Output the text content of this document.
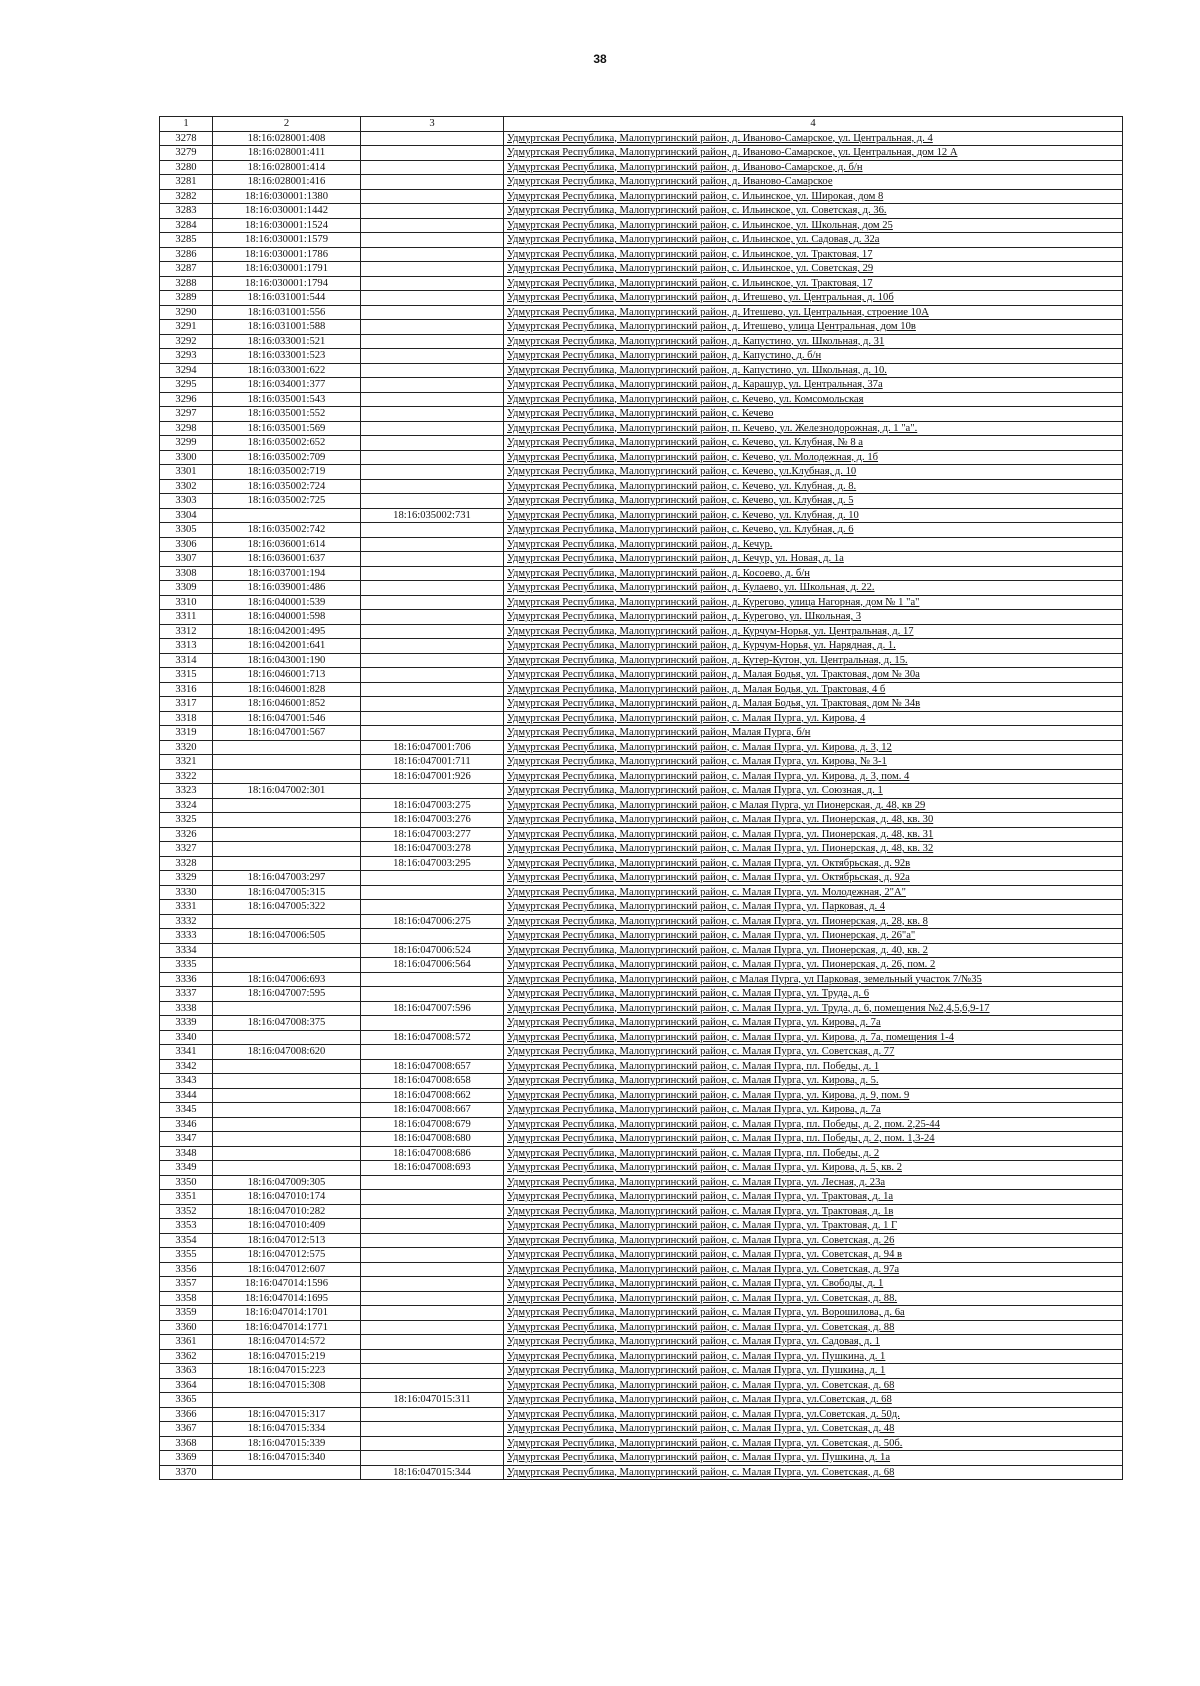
38
1	2	3	4
3278	18:16:028001:408		Удмуртская Республика, Малопургинский район, д. Иваново-Самарское, ул. Центральная, д. 4
3279	18:16:028001:411		Удмуртская Республика, Малопургинский район, д. Иваново-Самарское, ул. Центральная, дом 12 А
3280	18:16:028001:414		Удмуртская Республика, Малопургинский район, д. Иваново-Самарское, д. б/н
3281	18:16:028001:416		Удмуртская Республика, Малопургинский район, д. Иваново-Самарское
3282	18:16:030001:1380		Удмуртская Республика, Малопургинский район, с. Ильинское, ул. Широкая, дом 8
3283	18:16:030001:1442		Удмуртская Республика, Малопургинский район, с. Ильинское, ул. Советская, д. 36.
3284	18:16:030001:1524		Удмуртская Республика, Малопургинский район, с. Ильинское, ул. Школьная, дом 25
3285	18:16:030001:1579		Удмуртская Республика, Малопургинский район, с. Ильинское, ул. Садовая, д. 32а
3286	18:16:030001:1786		Удмуртская Республика, Малопургинский район, с. Ильинское, ул. Трактовая, 17
3287	18:16:030001:1791		Удмуртская Республика, Малопургинский район, с. Ильинское, ул. Советская, 29
3288	18:16:030001:1794		Удмуртская Республика, Малопургинский район, с. Ильинское, ул. Трактовая, 17
3289	18:16:031001:544		Удмуртская Республика, Малопургинский район, д. Итешево, ул. Центральная, д. 10б
3290	18:16:031001:556		Удмуртская Республика, Малопургинский район, д. Итешево, ул. Центральная, строение 10А
3291	18:16:031001:588		Удмуртская Республика, Малопургинский район, д. Итешево, улица Центральная, дом 10в
3292	18:16:033001:521		Удмуртская Республика, Малопургинский район, д. Капустино, ул. Школьная, д. 31
3293	18:16:033001:523		Удмуртская Республика, Малопургинский район, д. Капустино, д. б/н
3294	18:16:033001:622		Удмуртская Республика, Малопургинский район, д. Капустино, ул. Школьная, д. 10.
3295	18:16:034001:377		Удмуртская Республика, Малопургинский район, д. Карашур, ул. Центральная, 37а
3296	18:16:035001:543		Удмуртская Республика, Малопургинский район, с. Кечево, ул. Комсомольская
3297	18:16:035001:552		Удмуртская Республика, Малопургинский район, с. Кечево
3298	18:16:035001:569		Удмуртская Республика, Малопургинский район, п. Кечево, ул. Железнодорожная, д. 1 "а".
3299	18:16:035002:652		Удмуртская Республика, Малопургинский район, с. Кечево, ул. Клубная, № 8 а
3300	18:16:035002:709		Удмуртская Республика, Малопургинский район, с. Кечево, ул. Молодежная, д. 1б
3301	18:16:035002:719		Удмуртская Республика, Малопургинский район, с. Кечево, ул.Клубная, д. 10
3302	18:16:035002:724		Удмуртская Республика, Малопургинский район, с. Кечево, ул. Клубная, д. 8.
3303	18:16:035002:725		Удмуртская Республика, Малопургинский район, с. Кечево, ул. Клубная, д. 5
3304		18:16:035002:731	Удмуртская Республика, Малопургинский район, с. Кечево, ул. Клубная, д. 10
3305	18:16:035002:742		Удмуртская Республика, Малопургинский район, с. Кечево, ул. Клубная, д. 6
3306	18:16:036001:614		Удмуртская Республика, Малопургинский район, д. Кечур.
3307	18:16:036001:637		Удмуртская Республика, Малопургинский район, д. Кечур, ул. Новая, д. 1а
3308	18:16:037001:194		Удмуртская Республика, Малопургинский район, д. Косоево, д. б/н
3309	18:16:039001:486		Удмуртская Республика, Малопургинский район, д. Кулаево, ул. Школьная, д. 22.
3310	18:16:040001:539		Удмуртская Республика, Малопургинский район, д. Курегово, улица Нагорная, дом № 1 "а"
3311	18:16:040001:598		Удмуртская Республика, Малопургинский район, д. Курегово, ул. Школьная, 3
3312	18:16:042001:495		Удмуртская Республика, Малопургинский район, д. Курчум-Норья, ул. Центральная, д. 17
3313	18:16:042001:641		Удмуртская Республика, Малопургинский район, д. Курчум-Норья, ул. Нарядная, д. 1.
3314	18:16:043001:190		Удмуртская Республика, Малопургинский район, д. Кутер-Кутон, ул. Центральная, д. 15.
3315	18:16:046001:713		Удмуртская Республика, Малопургинский район, д. Малая Бодья, ул. Трактовая, дом № 30а
3316	18:16:046001:828		Удмуртская Республика, Малопургинский район, д. Малая Бодья, ул. Трактовая, 4 б
3317	18:16:046001:852		Удмуртская Республика, Малопургинский район, д. Малая Бодья, ул. Трактовая, дом № 34в
3318	18:16:047001:546		Удмуртская Республика, Малопургинский район, с. Малая Пурга, ул. Кирова, 4
3319	18:16:047001:567		Удмуртская Республика, Малопургинский район, Малая Пурга, б/н
3320		18:16:047001:706	Удмуртская Республика, Малопургинский район, с. Малая Пурга, ул. Кирова, д. 3, 12
3321		18:16:047001:711	Удмуртская Республика, Малопургинский район, с. Малая Пурга, ул. Кирова, № 3-1
3322		18:16:047001:926	Удмуртская Республика, Малопургинский район, с. Малая Пурга, ул. Кирова, д. 3, пом. 4
3323	18:16:047002:301		Удмуртская Республика, Малопургинский район, с. Малая Пурга, ул. Союзная, д. 1
3324		18:16:047003:275	Удмуртская Республика, Малопургинский район, с Малая Пурга, ул Пионерская, д. 48, кв 29
3325		18:16:047003:276	Удмуртская Республика, Малопургинский район, с. Малая Пурга, ул. Пионерская, д. 48, кв. 30
3326		18:16:047003:277	Удмуртская Республика, Малопургинский район, с. Малая Пурга, ул. Пионерская, д. 48, кв. 31
3327		18:16:047003:278	Удмуртская Республика, Малопургинский район, с. Малая Пурга, ул. Пионерская, д. 48, кв. 32
3328		18:16:047003:295	Удмуртская Республика, Малопургинский район, с. Малая Пурга, ул. Октябрьская, д. 92в
3329	18:16:047003:297		Удмуртская Республика, Малопургинский район, с. Малая Пурга, ул. Октябрьская, д. 92а
3330	18:16:047005:315		Удмуртская Республика, Малопургинский район, с. Малая Пурга, ул. Молодежная, 2"А"
3331	18:16:047005:322		Удмуртская Республика, Малопургинский район, с. Малая Пурга, ул. Парковая, д. 4
3332		18:16:047006:275	Удмуртская Республика, Малопургинский район, с. Малая Пурга, ул. Пионерская, д. 28, кв. 8
3333	18:16:047006:505		Удмуртская Республика, Малопургинский район, с. Малая Пурга, ул. Пионерская, д. 26"а"
3334		18:16:047006:524	Удмуртская Республика, Малопургинский район, с. Малая Пурга, ул. Пионерская, д. 40, кв. 2
3335		18:16:047006:564	Удмуртская Республика, Малопургинский район, с. Малая Пурга, ул. Пионерская, д. 26, пом. 2
3336	18:16:047006:693		Удмуртская Республика, Малопургинский район, с Малая Пурга, ул Парковая, земельный участок 7/№35
3337	18:16:047007:595		Удмуртская Республика, Малопургинский район, с. Малая Пурга, ул. Труда, д. 6
3338		18:16:047007:596	Удмуртская Республика, Малопургинский район, с. Малая Пурга, ул. Труда, д. 6, помещения №2,4,5,6,9-17
3339	18:16:047008:375		Удмуртская Республика, Малопургинский район, с. Малая Пурга, ул. Кирова, д. 7а
3340		18:16:047008:572	Удмуртская Республика, Малопургинский район, с. Малая Пурга, ул. Кирова, д. 7а, помещения 1-4
3341	18:16:047008:620		Удмуртская Республика, Малопургинский район, с. Малая Пурга, ул. Советская, д. 77
3342		18:16:047008:657	Удмуртская Республика, Малопургинский район, с. Малая Пурга, пл. Победы, д. 1
3343		18:16:047008:658	Удмуртская Республика, Малопургинский район, с. Малая Пурга, ул. Кирова, д. 5.
3344		18:16:047008:662	Удмуртская Республика, Малопургинский район, с. Малая Пурга, ул. Кирова, д. 9, пом. 9
3345		18:16:047008:667	Удмуртская Республика, Малопургинский район, с. Малая Пурга, ул. Кирова, д. 7а
3346		18:16:047008:679	Удмуртская Республика, Малопургинский район, с. Малая Пурга, пл. Победы, д. 2, пом. 2,25-44
3347		18:16:047008:680	Удмуртская Республика, Малопургинский район, с. Малая Пурга, пл. Победы, д. 2, пом. 1,3-24
3348		18:16:047008:686	Удмуртская Республика, Малопургинский район, с. Малая Пурга, пл. Победы, д. 2
3349		18:16:047008:693	Удмуртская Республика, Малопургинский район, с. Малая Пурга, ул. Кирова, д. 5, кв. 2
3350	18:16:047009:305		Удмуртская Республика, Малопургинский район, с. Малая Пурга, ул. Лесная, д. 23а
3351	18:16:047010:174		Удмуртская Республика, Малопургинский район, с. Малая Пурга, ул. Трактовая, д. 1а
3352	18:16:047010:282		Удмуртская Республика, Малопургинский район, с. Малая Пурга, ул. Трактовая, д. 1в
3353	18:16:047010:409		Удмуртская Республика, Малопургинский район, с. Малая Пурга, ул. Трактовая, д. 1 Г
3354	18:16:047012:513		Удмуртская Республика, Малопургинский район, с. Малая Пурга, ул. Советская, д. 26
3355	18:16:047012:575		Удмуртская Республика, Малопургинский район, с. Малая Пурга, ул. Советская, д. 94 в
3356	18:16:047012:607		Удмуртская Республика, Малопургинский район, с. Малая Пурга, ул. Советская, д. 97а
3357	18:16:047014:1596		Удмуртская Республика, Малопургинский район, с. Малая Пурга, ул. Свободы, д. 1
3358	18:16:047014:1695		Удмуртская Республика, Малопургинский район, с. Малая Пурга, ул. Советская, д. 88.
3359	18:16:047014:1701		Удмуртская Республика, Малопургинский район, с. Малая Пурга, ул. Ворошилова, д. 6а
3360	18:16:047014:1771		Удмуртская Республика, Малопургинский район, с. Малая Пурга, ул. Советская, д. 88
3361	18:16:047014:572		Удмуртская Республика, Малопургинский район, с. Малая Пурга, ул. Садовая, д. 1
3362	18:16:047015:219		Удмуртская Республика, Малопургинский район, с. Малая Пурга, ул. Пушкина, д. 1
3363	18:16:047015:223		Удмуртская Республика, Малопургинский район, с. Малая Пурга, ул. Пушкина, д. 1
3364	18:16:047015:308		Удмуртская Республика, Малопургинский район, с. Малая Пурга, ул. Советская, д. 68
3365		18:16:047015:311	Удмуртская Республика, Малопургинский район, с. Малая Пурга, ул.Советская, д. 68
3366	18:16:047015:317		Удмуртская Республика, Малопургинский район, с. Малая Пурга, ул.Советская, д. 50д.
3367	18:16:047015:334		Удмуртская Республика, Малопургинский район, с. Малая Пурга, ул. Советская, д. 48
3368	18:16:047015:339		Удмуртская Республика, Малопургинский район, с. Малая Пурга, ул. Советская, д. 50б.
3369	18:16:047015:340		Удмуртская Республика, Малопургинский район, с. Малая Пурга, ул. Пушкина, д. 1а
3370		18:16:047015:344	Удмуртская Республика, Малопургинский район, с. Малая Пурга, ул. Советская, д. 68
